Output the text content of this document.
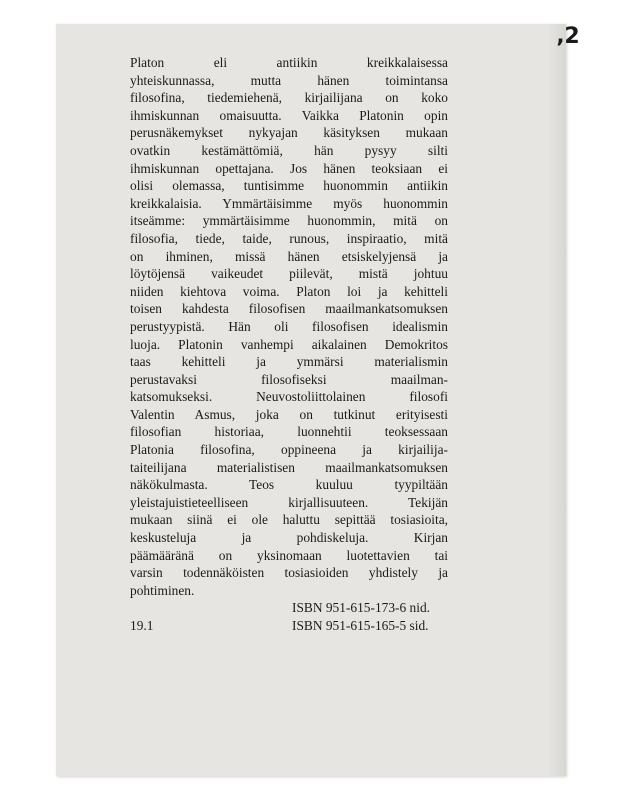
‚2
Platon eli antiikin kreikkalaisessa
yhteiskunnassa, mutta hänen toimintansa
filosofina, tiedemiehenä, kirjailijana on koko
ihmiskunnan omaisuutta. Vaikka Platonin opin
perusnäkemykset nykyajan käsityksen mukaan
ovatkin kestämättömiä, hän pysyy silti
ihmiskunnan opettajana. Jos hänen teoksiaan ei
olisi olemassa, tuntisimme huonommin antiikin
kreikkalaisia. Ymmärtäisimme myös huonommin
itseämme: ymmärtäisimme huonommin, mitä on
filosofia, tiede, taide, runous, inspiraatio, mitä
on ihminen, missä hänen etsiskelyjensä ja
löytöjensä vaikeudet piilevät, mistä johtuu
niiden kiehtova voima. Platon loi ja kehitteli
toisen kahdesta filosofisen maailmankatsomuksen
perustyypistä. Hän oli filosofisen idealismin
luoja. Platonin vanhempi aikalainen Demokritos
taas kehitteli ja ymmärsi materialismin
perustavaksi filosofiseksi maailman-
katsomukseksi. Neuvostoliittolainen filosofi
Valentin Asmus, joka on tutkinut erityisesti
filosofian historiaa, luonnehtii teoksessaan
Platonia filosofina, oppineena ja kirjailija-
taiteilijana materialistisen maailmankatsomuksen
näkökulmasta. Teos kuuluu tyypiltään
yleistajuistieteelliseen kirjallisuuteen. Tekijän
mukaan siinä ei ole haluttu sepittää tosiasioita,
keskusteluja ja pohdiskeluja. Kirjan
päämääränä on yksinomaan luotettavien tai
varsin todennäköisten tosiasioiden yhdistely ja
pohtiminen.
ISBN 951-615-173-6 nid.
ISBN 951-615-165-5 sid.
19.1
